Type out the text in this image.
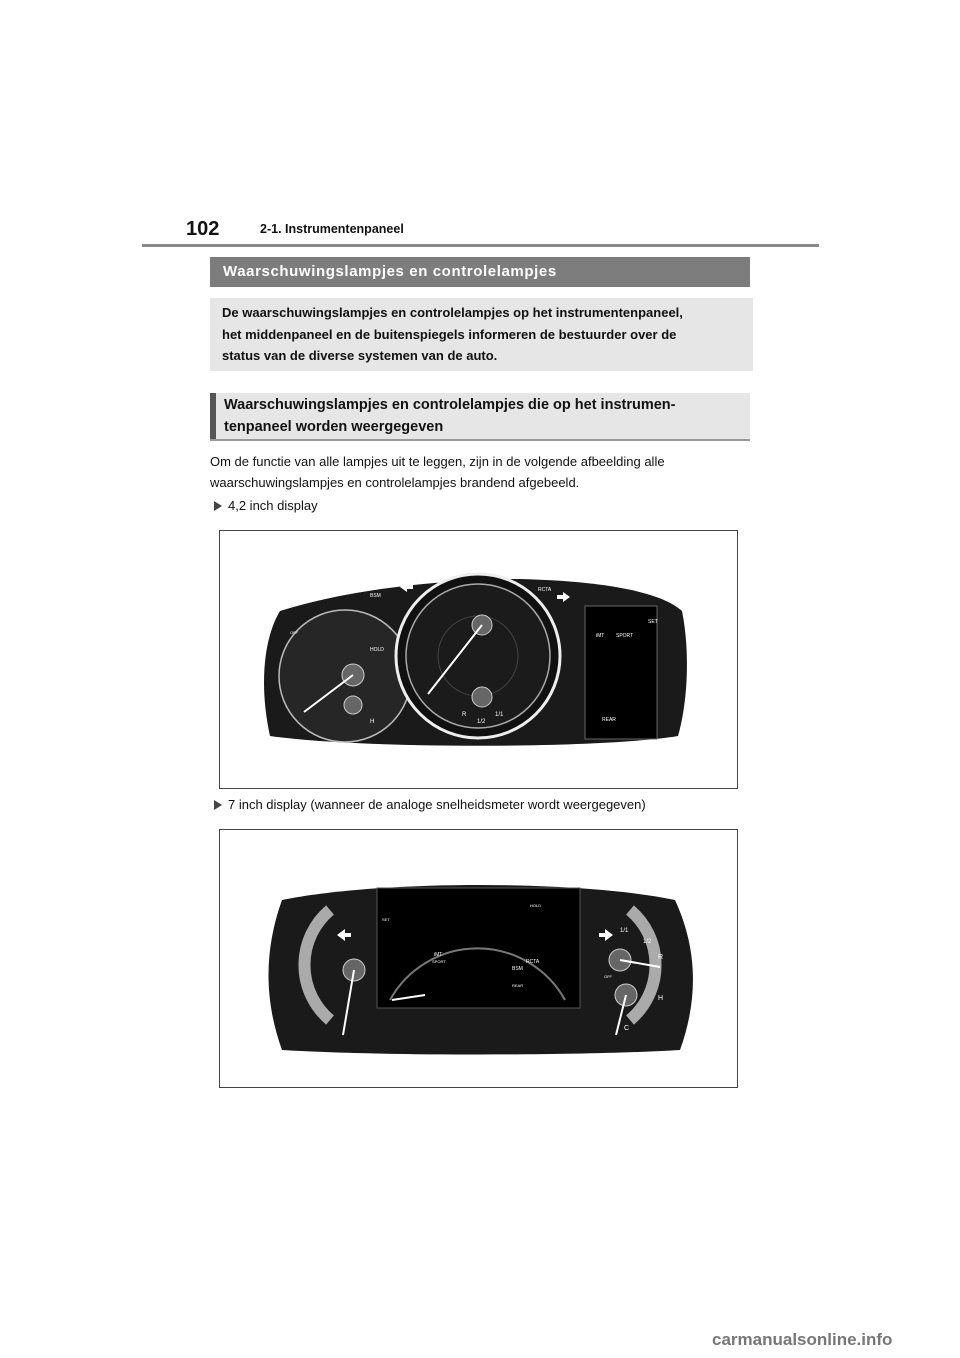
102	2-1. Instrumentenpaneel
Waarschuwingslampjes en controlelampjes
De waarschuwingslampjes en controlelampjes op het instrumentenpaneel,
het middenpaneel en de buitenspiegels informeren de bestuurder over de
status van de diverse systemen van de auto.
Waarschuwingslampjes en controlelampjes die op het instrumen-
tenpaneel worden weergegeven
Om de functie van alle lampjes uit te leggen, zijn in de volgende afbeelding alle
waarschuwingslampjes en controlelampjes brandend afgebeeld.
4,2 inch display
BSM
RCTA
HOLD
REAR
SET
iMT SPORT
1/2
1/1
H
R
OFF
7 inch display (wanneer de analoge snelheidsmeter wordt weergegeven)
HOLD
BSM
RCTA
REAR
SPORT
iMT
SET
1/1
1/2
R
H
C
OFF
carmanualsonline.info
